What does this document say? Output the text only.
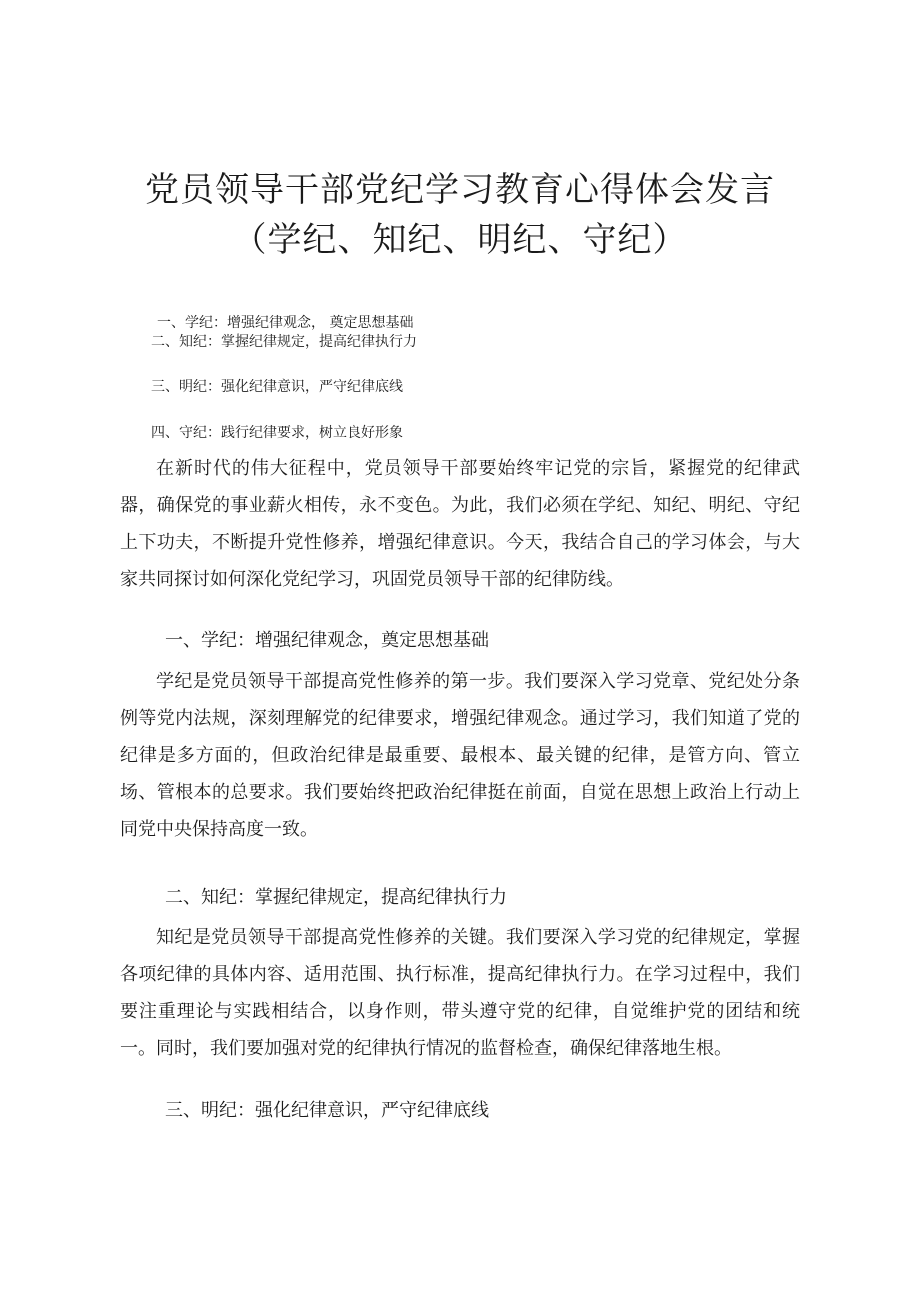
党员领导干部党纪学习教育心得体会发言
（学纪、知纪、明纪、守纪）

一、学纪：增强纪律观念， 奠定思想基础

二、知纪：掌握纪律规定，提高纪律执行力

三、明纪：强化纪律意识，严守纪律底线

四、守纪：践行纪律要求，树立良好形象

在新时代的伟大征程中，党员领导干部要始终牢记党的宗旨，紧握党的纪律武器，确保党的事业薪火相传，永不变色。为此，我们必须在学纪、知纪、明纪、守纪上下功夫，不断提升党性修养，增强纪律意识。今天，我结合自己的学习体会，与大家共同探讨如何深化党纪学习，巩固党员领导干部的纪律防线。

一、学纪：增强纪律观念，奠定思想基础

学纪是党员领导干部提高党性修养的第一步。我们要深入学习党章、党纪处分条例等党内法规，深刻理解党的纪律要求，增强纪律观念。通过学习，我们知道了党的纪律是多方面的，但政治纪律是最重要、最根本、最关键的纪律，是管方向、管立场、管根本的总要求。我们要始终把政治纪律挺在前面，自觉在思想上政治上行动上同党中央保持高度一致。

二、知纪：掌握纪律规定，提高纪律执行力

知纪是党员领导干部提高党性修养的关键。我们要深入学习党的纪律规定，掌握各项纪律的具体内容、适用范围、执行标准，提高纪律执行力。在学习过程中，我们要注重理论与实践相结合，以身作则，带头遵守党的纪律，自觉维护党的团结和统一。同时，我们要加强对党的纪律执行情况的监督检查，确保纪律落地生根。

三、明纪：强化纪律意识，严守纪律底线
